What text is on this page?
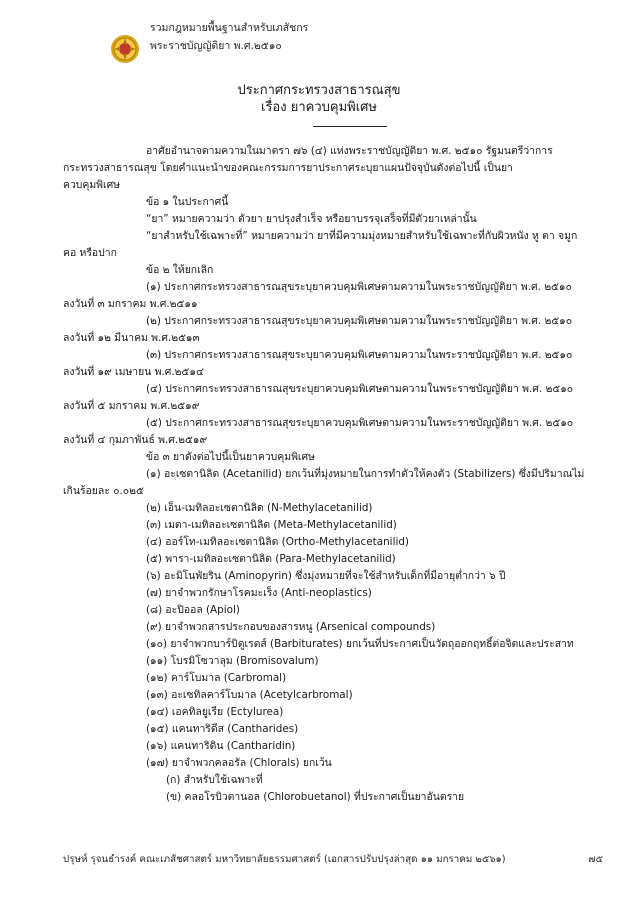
รวมกฎหมายพื้นฐานสำหรับเภสัชกร
พระราชบัญญัติยา พ.ศ.๒๕๑๐
ประกาศกระทรวงสาธารณสุข
เรื่อง ยาควบคุมพิเศษ

อาศัยอำนาจตามความในมาตรา ๗๖ (๔) แห่งพระราชบัญญัติยา พ.ศ. ๒๕๑๐ รัฐมนตรีว่าการ

กระทรวงสาธารณสุข โดยคำแนะนำของคณะกรรมการยาประกาศระบุยาแผนปัจจุบันดังต่อไปนี้ เป็นยา

ควบคุมพิเศษ

ข้อ ๑ ในประกาศนี้

“ยา” หมายความว่า ตัวยา ยาปรุงสำเร็จ หรือยาบรรจุเสร็จที่มีตัวยาเหล่านั้น

“ยาสำหรับใช้เฉพาะที่” หมายความว่า ยาที่มีความมุ่งหมายสำหรับใช้เฉพาะที่กับผิวหนัง หู ตา จมูก

คอ หรือปาก

ข้อ ๒ ให้ยกเลิก

(๑) ประกาศกระทรวงสาธารณสุขระบุยาควบคุมพิเศษตามความในพระราชบัญญัติยา พ.ศ. ๒๕๑๐

ลงวันที่ ๓ มกราคม พ.ศ.๒๕๑๑

(๒) ประกาศกระทรวงสาธารณสุขระบุยาควบคุมพิเศษตามความในพระราชบัญญัติยา พ.ศ. ๒๕๑๐

ลงวันที่ ๑๒ มีนาคม พ.ศ.๒๕๑๓

(๓) ประกาศกระทรวงสาธารณสุขระบุยาควบคุมพิเศษตามความในพระราชบัญญัติยา พ.ศ. ๒๕๑๐

ลงวันที่ ๑๙ เมษายน พ.ศ.๒๕๑๔

(๔) ประกาศกระทรวงสาธารณสุขระบุยาควบคุมพิเศษตามความในพระราชบัญญัติยา พ.ศ. ๒๕๑๐

ลงวันที่ ๕ มกราคม พ.ศ.๒๕๑๙

(๕) ประกาศกระทรวงสาธารณสุขระบุยาควบคุมพิเศษตามความในพระราชบัญญัติยา พ.ศ. ๒๕๑๐

ลงวันที่ ๔ กุมภาพันธ์ พ.ศ.๒๕๑๙

ข้อ ๓ ยาดังต่อไปนี้เป็นยาควบคุมพิเศษ

(๑) อะเซตานิลิด (Acetanilid) ยกเว้นที่มุ่งหมายในการทำตัวให้คงตัว (Stabilizers) ซึ่งมีปริมาณไม่

เกินร้อยละ ๐.๐๒๕

(๒) เอ็น-เมทิลอะเซตานิลิด (N-Methylacetanilid)

(๓) เมตา-เมทิลอะเซตานิลิด (Meta-Methylacetanilid)

(๔) ออร์โท-เมทิลอะเซตานิลิด (Ortho-Methylacetanilid)

(๕) พารา-เมทิลอะเซตานิลิด (Para-Methylacetanilid)

(๖) อะมิโนพัยริน (Aminopyrin) ซึ่งมุ่งหมายที่จะใช้สำหรับเด็กที่มีอายุต่ำกว่า ๖ ปี

(๗) ยาจำพวกรักษาโรคมะเร็ง (Anti-neoplastics)

(๘) อะปิออล (Apiol)

(๙) ยาจำพวกสารประกอบของสารหนู (Arsenical compounds)

(๑๐) ยาจำพวกบาร์บิตูเรตส์ (Barbiturates) ยกเว้นที่ประกาศเป็นวัตถุออกฤทธิ์ต่อจิตและประสาท

(๑๑) โบรมิโซวาลุม (Bromisovalum)

(๑๒) คาร์โบมาล (Carbromal)

(๑๓) อะเซทิลคาร์โบมาล (Acetylcarbromal)

(๑๔) เอคทิลยูเรีย (Ectylurea)

(๑๕) แคนทาริดีส (Cantharides)

(๑๖) แคนทาริดิน (Cantharidin)

(๑๗) ยาจำพวกคลอรัล (Chlorals) ยกเว้น

(ก) สำหรับใช้เฉพาะที่

(ข) คลอโรบิวตานอล (Chlorobuetanol) ที่ประกาศเป็นยาอันตราย

ปรุษห์ รุจนธำรงค์ คณะเภสัชศาสตร์ มหาวิทยาลัยธรรมศาสตร์ (เอกสารปรับปรุงล่าสุด ๑๑ มกราคม ๒๕๖๑)	๗๕
